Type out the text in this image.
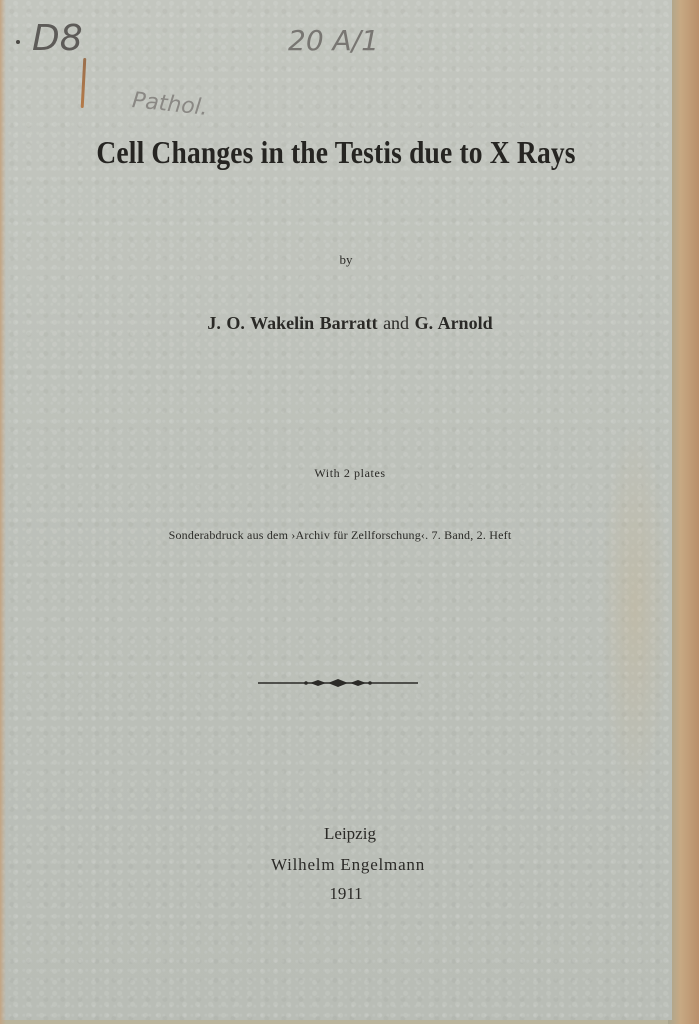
D8	20 A/1
Pathol.
Cell Changes in the Testis due to X Rays
by
J. O. Wakelin Barratt and G. Arnold
With 2 plates
Sonderabdruck aus dem ›Archiv für Zellforschung‹. 7. Band, 2. Heft
Leipzig
Wilhelm Engelmann
1911
